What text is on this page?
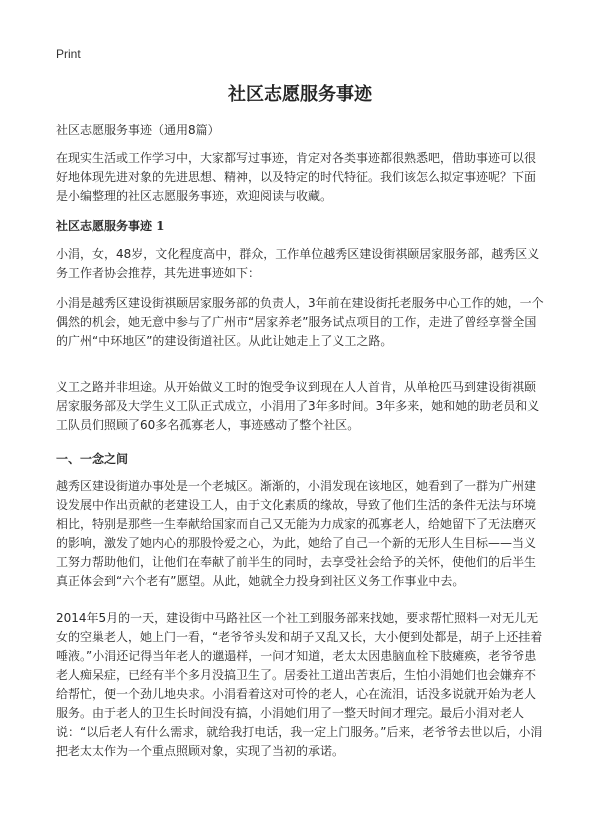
Print
社区志愿服务事迹

社区志愿服务事迹（通用8篇）

在现实生活或工作学习中，大家都写过事迹，肯定对各类事迹都很熟悉吧，借助事迹可以很好地体现先进对象的先进思想、精神，以及特定的时代特征。我们该怎么拟定事迹呢？下面是小编整理的社区志愿服务事迹，欢迎阅读与收藏。

社区志愿服务事迹 1

小涓，女，48岁，文化程度高中，群众，工作单位越秀区建设街祺颐居家服务部，越秀区义务工作者协会推荐，其先进事迹如下：

小涓是越秀区建设街祺颐居家服务部的负责人，3年前在建设街托老服务中心工作的她，一个偶然的机会，她无意中参与了广州市“居家养老”服务试点项目的工作，走进了曾经享誉全国的广州“中环地区”的建设街道社区。从此让她走上了义工之路。

义工之路并非坦途。从开始做义工时的饱受争议到现在人人首肯，从单枪匹马到建设街祺颐居家服务部及大学生义工队正式成立，小涓用了3年多时间。3年多来，她和她的助老员和义工队员们照顾了60多名孤寡老人，事迹感动了整个社区。

一、一念之间

越秀区建设街道办事处是一个老城区。渐渐的，小涓发现在该地区，她看到了一群为广州建设发展中作出贡献的老建设工人，由于文化素质的缘故，导致了他们生活的条件无法与环境相比，特别是那些一生奉献给国家而自己又无能为力成家的孤寡老人，给她留下了无法磨灭的影响，激发了她内心的那股怜爱之心，为此，她给了自己一个新的无形人生目标——当义工努力帮助他们，让他们在奉献了前半生的同时，去享受社会给予的关怀，使他们的后半生真正体会到“六个老有”愿望。从此，她就全力投身到社区义务工作事业中去。

2014年5月的一天，建设街中马路社区一个社工到服务部来找她，要求帮忙照料一对无儿无女的空巢老人，她上门一看，“老爷爷头发和胡子又乱又长，大小便到处都是，胡子上还挂着唾液。”小涓还记得当年老人的邋遢样，一问才知道，老太太因患脑血栓下肢瘫痪，老爷爷患老人痴呆症，已经有半个多月没搞卫生了。居委社工道出苦衷后，生怕小涓她们也会嫌弃不给帮忙，便一个劲儿地央求。小涓看着这对可怜的老人，心在流泪，话没多说就开始为老人服务。由于老人的卫生长时间没有搞，小涓她们用了一整天时间才理完。最后小涓对老人说：“以后老人有什么需求，就给我打电话，我一定上门服务。”后来，老爷爷去世以后，小涓把老太太作为一个重点照顾对象，实现了当初的承诺。
